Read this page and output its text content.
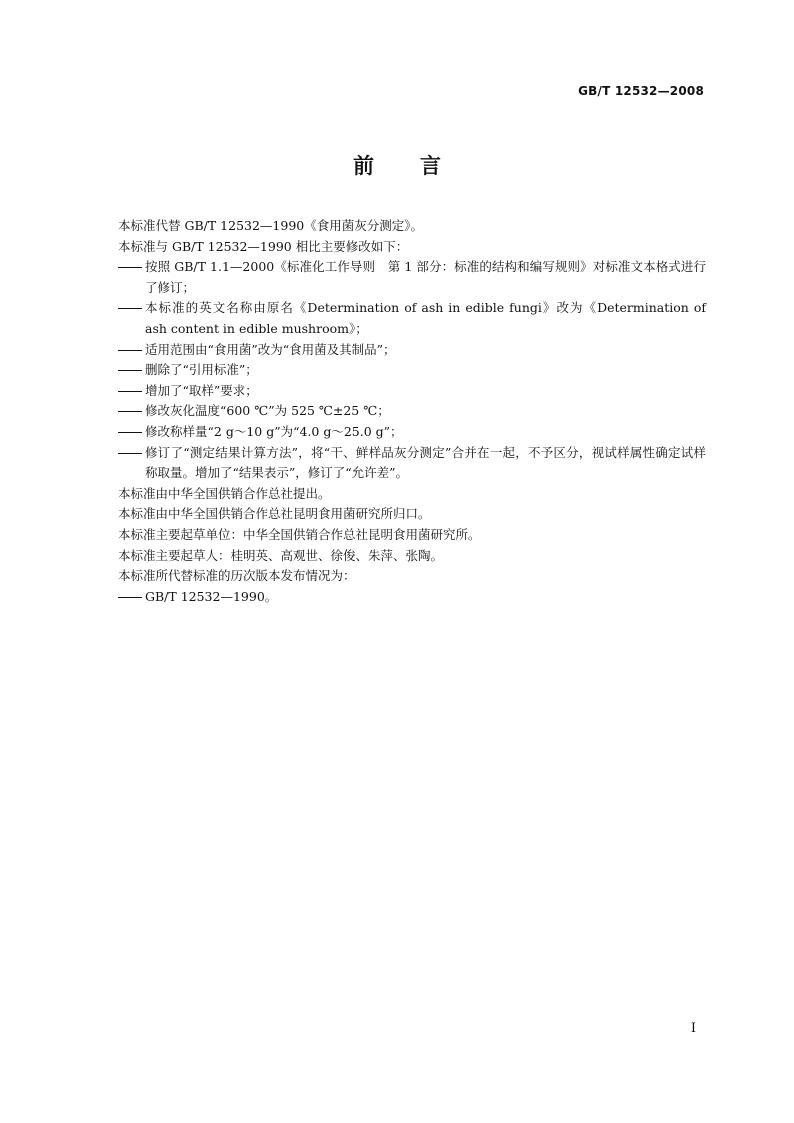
GB/T 12532—2008
前言

本标准代替 GB/T 12532—1990《食用菌灰分测定》。

本标准与 GB/T 12532—1990 相比主要修改如下：

按照 GB/T 1.1—2000《标准化工作导则　第 1 部分：标准的结构和编写规则》对标准文本格式进行了修订；
本标准的英文名称由原名《Determination of ash in edible fungi》改为《Determination of ash content in edible mushroom》；
适用范围由“食用菌”改为“食用菌及其制品”；
删除了“引用标准”；
增加了“取样”要求；
修改灰化温度“600 ℃”为 525 ℃±25 ℃；
修改称样量“2 g～10 g”为“4.0 g～25.0 g”；
修订了“测定结果计算方法”，将“干、鲜样品灰分测定”合并在一起，不予区分，视试样属性确定试样称取量。增加了“结果表示”，修订了“允许差”。

本标准由中华全国供销合作总社提出。

本标准由中华全国供销合作总社昆明食用菌研究所归口。

本标准主要起草单位：中华全国供销合作总社昆明食用菌研究所。

本标准主要起草人：桂明英、高观世、徐俊、朱萍、张陶。

本标准所代替标准的历次版本发布情况为：

GB/T 12532—1990。
I
